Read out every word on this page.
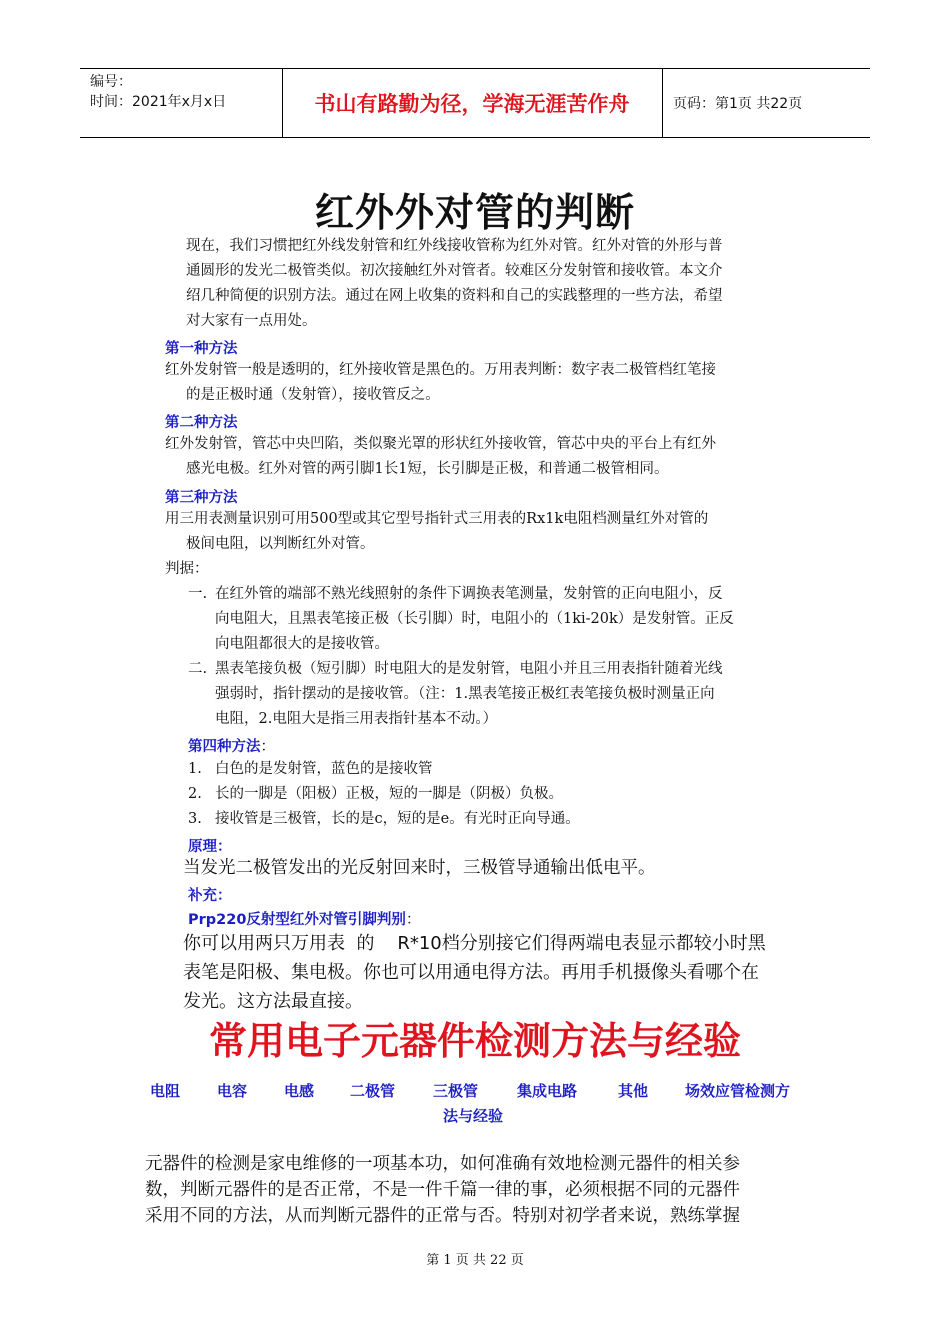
编号：
时间：2021年x月x日	书山有路勤为径，学海无涯苦作舟	页码：第1页 共22页
红外外对管的判断
现在，我们习惯把红外线发射管和红外线接收管称为红外对管。红外对管的外形与普
通圆形的发光二极管类似。初次接触红外对管者。较难区分发射管和接收管。本文介
绍几种简便的识别方法。通过在网上收集的资料和自己的实践整理的一些方法，希望
对大家有一点用处。
第一种方法
红外发射管一般是透明的，红外接收管是黑色的。万用表判断：数字表二极管档红笔接
的是正极时通（发射管），接收管反之。
第二种方法
红外发射管，管芯中央凹陷，类似聚光罩的形状红外接收管，管芯中央的平台上有红外
感光电极。红外对管的两引脚1长1短，长引脚是正极，和普通二极管相同。
第三种方法
用三用表测量识别可用500型或其它型号指针式三用表的Rx1k电阻档测量红外对管的
极间电阻，以判断红外对管。
判据：
一. 在红外管的端部不熟光线照射的条件下调换表笔测量，发射管的正向电阻小，反
向电阻大，且黑表笔接正极（长引脚）时，电阻小的（1ki-20k）是发射管。正反
向电阻都很大的是接收管。
二. 黑表笔接负极（短引脚）时电阻大的是发射管，电阻小并且三用表指针随着光线
强弱时，指针摆动的是接收管。（注：1.黑表笔接正极红表笔接负极时测量正向
电阻，2.电阻大是指三用表指针基本不动。）
第四种方法：
1. 白色的是发射管，蓝色的是接收管
2. 长的一脚是（阳极）正极，短的一脚是（阴极）负极。
3. 接收管是三极管，长的是c，短的是e。有光时正向导通。
原理：
当发光二极管发出的光反射回来时，三极管导通输出低电平。
补充：
Prp220反射型红外对管引脚判别：
你可以用两只万用表  的    R*10档分别接它们得两端电表显示都较小时黑
表笔是阳极、集电极。你也可以用通电得方法。再用手机摄像头看哪个在
发光。这方法最直接。
常用电子元器件检测方法与经验
电阻 电容 电感 二极管	三极管	集成电路	其他 场效应管检测方
法与经验
元器件的检测是家电维修的一项基本功，如何准确有效地检测元器件的相关参
数，判断元器件的是否正常，不是一件千篇一律的事，必须根据不同的元器件
采用不同的方法，从而判断元器件的正常与否。特别对初学者来说，熟练掌握
第 1 页 共 22 页
